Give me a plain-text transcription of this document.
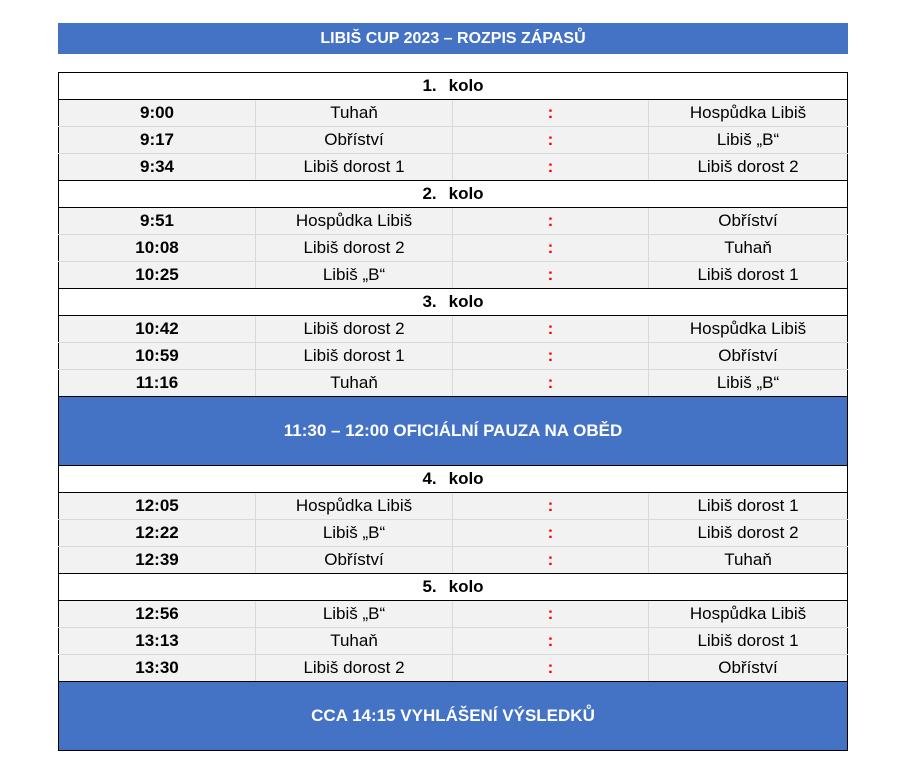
LIBIŠ CUP 2023 – ROZPIS ZÁPASŮ
1. kolo			
9:00	Tuhaň	:	Hospůdka Libiš
9:17	Obříství	:	Libiš „B“
9:34	Libiš dorost 1	:	Libiš dorost 2
2. kolo			
9:51	Hospůdka Libiš	:	Obříství
10:08	Libiš dorost 2	:	Tuhaň
10:25	Libiš „B“	:	Libiš dorost 1
3. kolo			
10:42	Libiš dorost 2	:	Hospůdka Libiš
10:59	Libiš dorost 1	:	Obříství
11:16	Tuhaň	:	Libiš „B“
11:30 – 12:00 OFICIÁLNÍ PAUZA NA OBĚD			
4. kolo			
12:05	Hospůdka Libiš	:	Libiš dorost 1
12:22	Libiš „B“	:	Libiš dorost 2
12:39	Obříství	:	Tuhaň
5. kolo			
12:56	Libiš „B“	:	Hospůdka Libiš
13:13	Tuhaň	:	Libiš dorost 1
13:30	Libiš dorost 2	:	Obříství
CCA 14:15 VYHLÁŠENÍ VÝSLEDKŮ			
